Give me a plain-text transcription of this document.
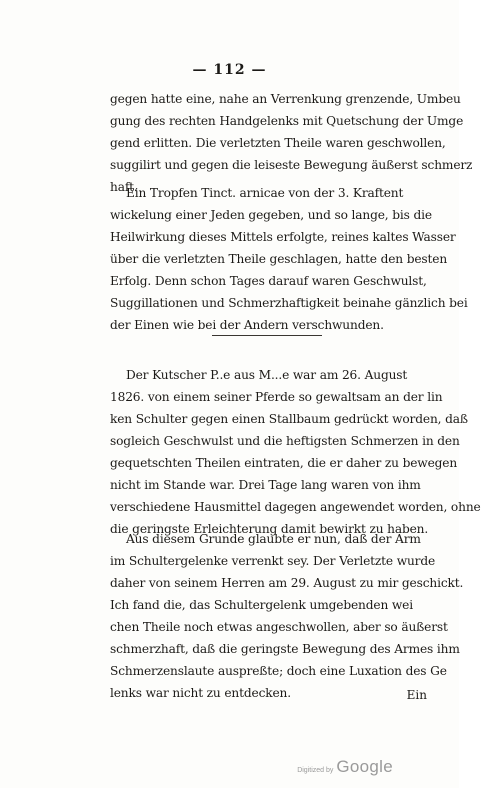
— 112 —
gegen hatte eine, nahe an Verrenkung grenzende, Umbeu
gung des rechten Handgelenks mit Quetschung der Umge
gend erlitten. Die verletzten Theile waren geschwollen,
suggilirt und gegen die leiseste Bewegung äußerst schmerz
haft.
Ein Tropfen Tinct. arnicae von der 3. Kraftent
wickelung einer Jeden gegeben, und so lange, bis die
Heilwirkung dieses Mittels erfolgte, reines kaltes Wasser
über die verletzten Theile geschlagen, hatte den besten
Erfolg. Denn schon Tages darauf waren Geschwulst,
Suggillationen und Schmerzhaftigkeit beinahe gänzlich bei
der Einen wie bei der Andern verschwunden.
Der Kutscher P..e aus M...e war am 26. August
1826. von einem seiner Pferde so gewaltsam an der lin
ken Schulter gegen einen Stallbaum gedrückt worden, daß
sogleich Geschwulst und die heftigsten Schmerzen in den
gequetschten Theilen eintraten, die er daher zu bewegen
nicht im Stande war. Drei Tage lang waren von ihm
verschiedene Hausmittel dagegen angewendet worden, ohne
die geringste Erleichterung damit bewirkt zu haben.
Aus diesem Grunde glaubte er nun, daß der Arm
im Schultergelenke verrenkt sey. Der Verletzte wurde
daher von seinem Herren am 29. August zu mir geschickt.
Ich fand die, das Schultergelenk umgebenden wei
chen Theile noch etwas angeschwollen, aber so äußerst
schmerzhaft, daß die geringste Bewegung des Armes ihm
Schmerzenslaute auspreßte; doch eine Luxation des Ge
lenks war nicht zu entdecken.	Ein
Digitized by Google
